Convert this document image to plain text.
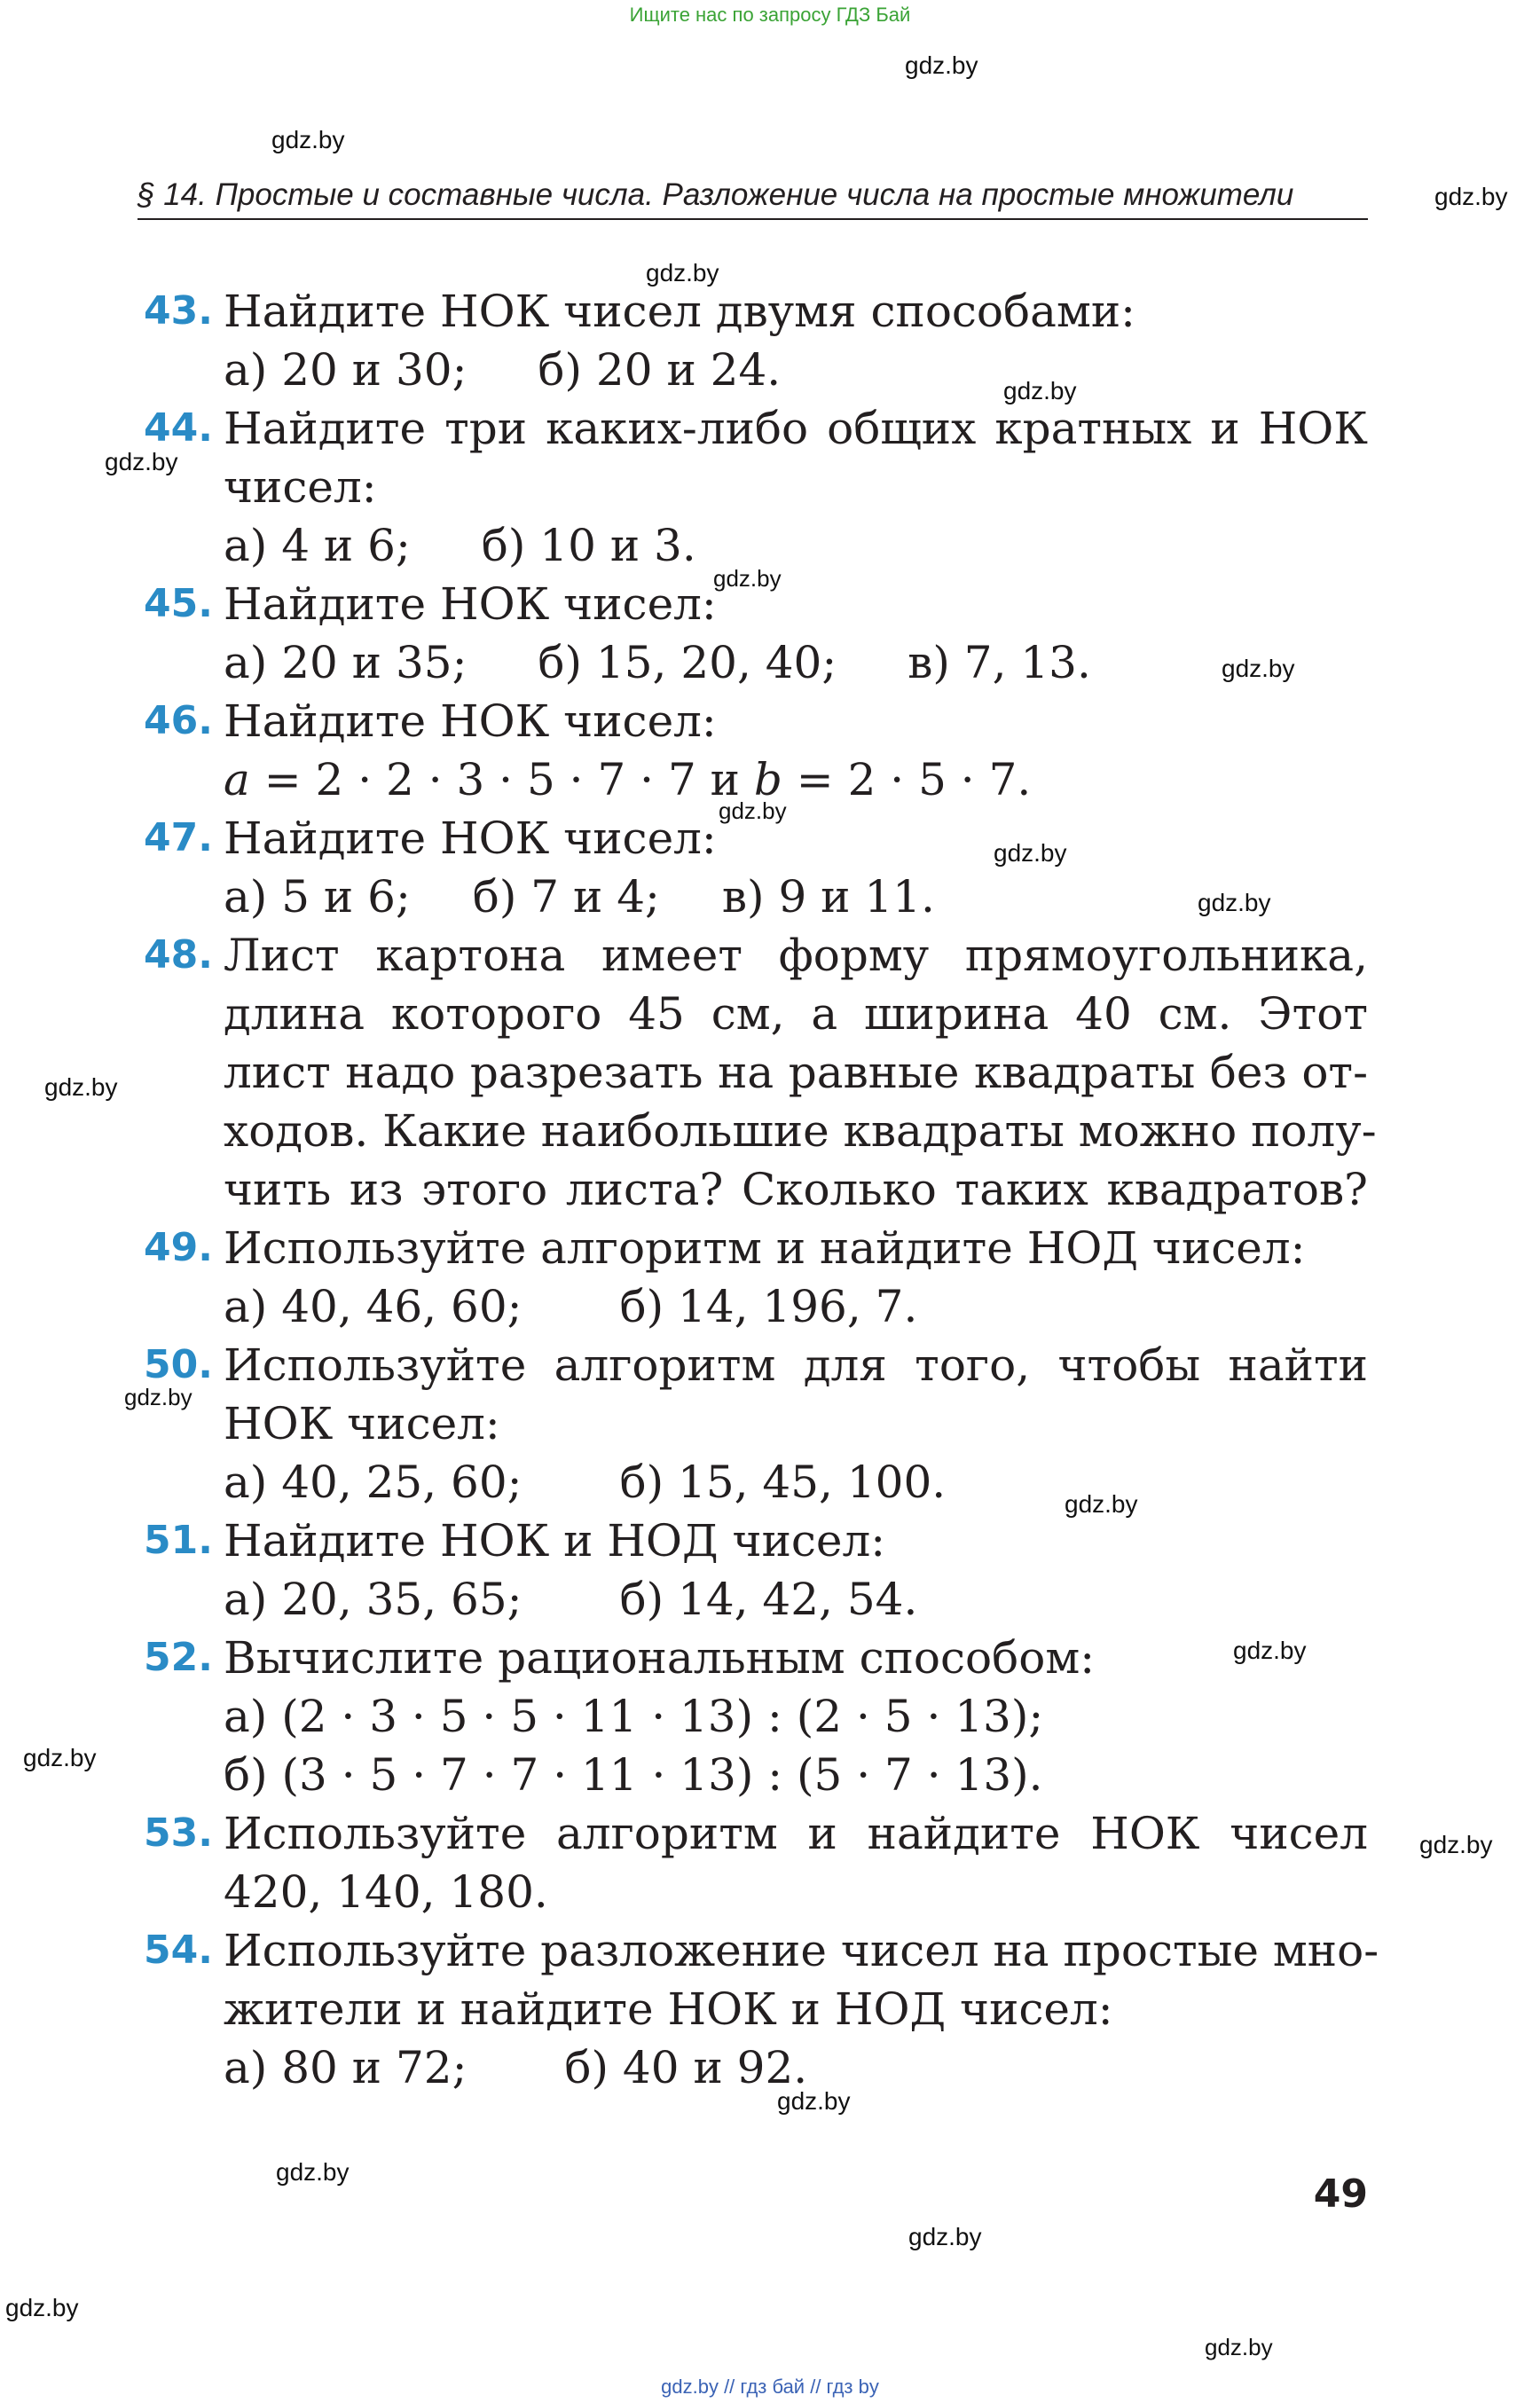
Ищите нас по запросу ГДЗ Бай
gdz.by
gdz.by
gdz.by
gdz.by
gdz.by
gdz.by
gdz.by
gdz.by
gdz.by
gdz.by
gdz.by
gdz.by
gdz.by
gdz.by
gdz.by
gdz.by
gdz.by
gdz.by
gdz.by
gdz.by
gdz.by
gdz.by
§ 14. Простые и составные числа. Разложение числа на простые множители
43. Найдите НОК чисел двумя способами:
а) 20 и 30; б) 20 и 24.
44. Найдите три каких-либо общих кратных и НОК
чисел:
а) 4 и 6; б) 10 и 3.
45. Найдите НОК чисел:
а) 20 и 35; б) 15, 20, 40; в) 7, 13.
46. Найдите НОК чисел:
a = 2 · 2 · 3 · 5 · 7 · 7 и b = 2 · 5 · 7.
47. Найдите НОК чисел:
а) 5 и 6; б) 7 и 4; в) 9 и 11.
48. Лист картона имеет форму прямоугольника,
длина которого 45 см, а ширина 40 см. Этот
лист надо разрезать на равные квадраты без от-
ходов. Какие наибольшие квадраты можно полу-
чить из этого листа? Сколько таких квадратов?
49. Используйте алгоритм и найдите НОД чисел:
а) 40, 46, 60; б) 14, 196, 7.
50. Используйте алгоритм для того, чтобы найти
НОК чисел:
а) 40, 25, 60; б) 15, 45, 100.
51. Найдите НОК и НОД чисел:
а) 20, 35, 65; б) 14, 42, 54.
52. Вычислите рациональным способом:
а) (2 · 3 · 5 · 5 · 11 · 13) : (2 · 5 · 13);
б) (3 · 5 · 7 · 7 · 11 · 13) : (5 · 7 · 13).
53. Используйте алгоритм и найдите НОК чисел
420, 140, 180.
54. Используйте разложение чисел на простые мно-
жители и найдите НОК и НОД чисел:
а) 80 и 72; б) 40 и 92.
49
gdz.by // гдз бай // гдз by
